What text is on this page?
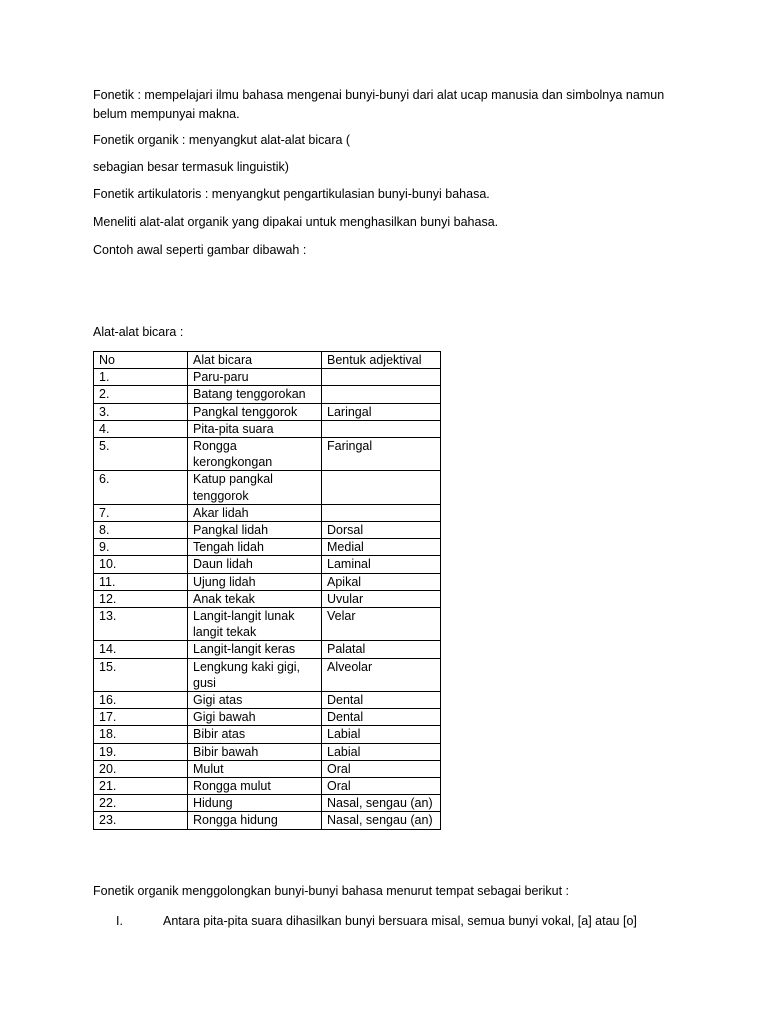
Fonetik : mempelajari ilmu bahasa mengenai bunyi-bunyi dari alat ucap manusia dan simbolnya namun belum mempunyai makna.

Fonetik organik : menyangkut alat-alat bicara (

sebagian besar termasuk linguistik)

Fonetik artikulatoris : menyangkut pengartikulasian bunyi-bunyi bahasa.

Meneliti alat-alat organik yang dipakai untuk menghasilkan bunyi bahasa.

Contoh awal seperti gambar dibawah :

Alat-alat bicara :

No	Alat bicara	Bentuk adjektival
1.	Paru-paru	
2.	Batang tenggorokan	
3.	Pangkal tenggorok	Laringal
4.	Pita-pita suara	
5.	Rongga kerongkongan	Faringal
6.	Katup pangkal tenggorok	
7.	Akar lidah	
8.	Pangkal lidah	Dorsal
9.	Tengah lidah	Medial
10.	Daun lidah	Laminal
11.	Ujung lidah	Apikal
12.	Anak tekak	Uvular
13.	Langit-langit lunak langit tekak	Velar
14.	Langit-langit keras	Palatal
15.	Lengkung kaki gigi, gusi	Alveolar
16.	Gigi atas	Dental
17.	Gigi bawah	Dental
18.	Bibir atas	Labial
19.	Bibir bawah	Labial
20.	Mulut	Oral
21.	Rongga mulut	Oral
22.	Hidung	Nasal, sengau (an)
23.	Rongga hidung	Nasal, sengau (an)

Fonetik organik menggolongkan bunyi-bunyi bahasa menurut tempat sebagai berikut :

I.	Antara pita-pita suara dihasilkan bunyi bersuara misal, semua bunyi vokal, [a] atau [o]
